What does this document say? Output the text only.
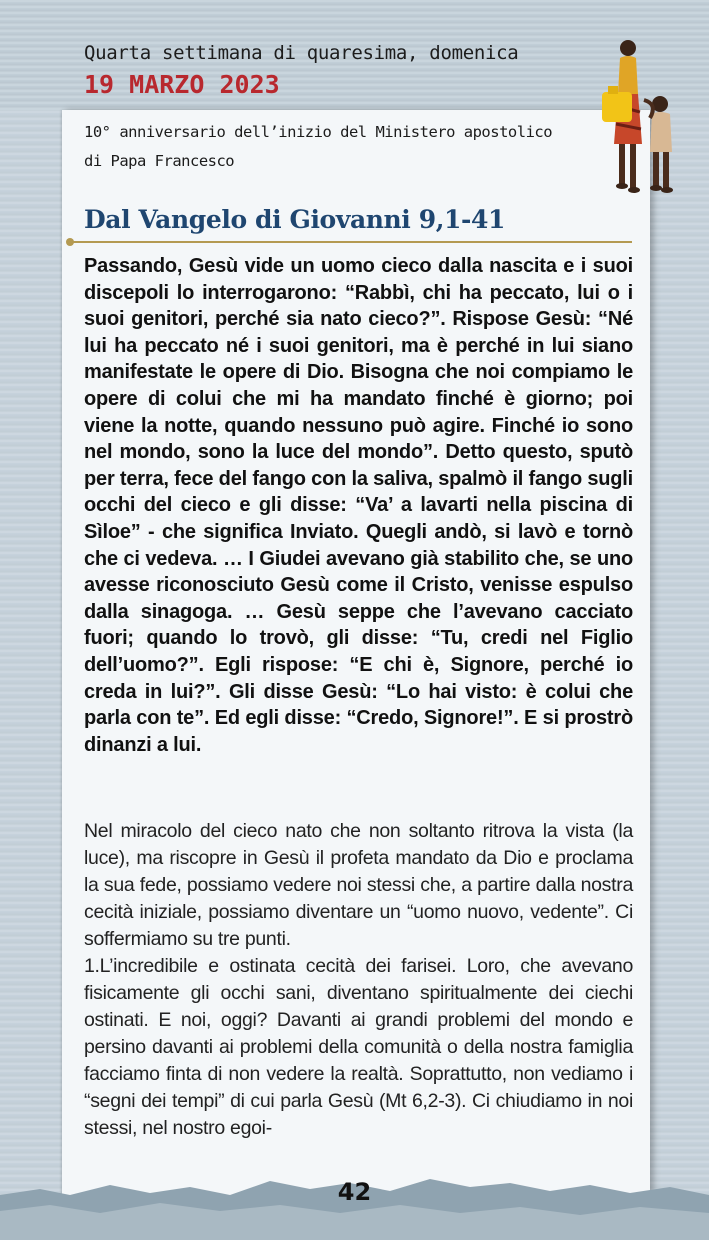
Quarta settimana di quaresima, domenica
19 MARZO 2023
10° anniversario dell’inizio del Ministero apostolico di Papa Francesco
Dal Vangelo di Giovanni 9,1-41

Passando, Gesù vide un uomo cieco dalla nascita e i suoi discepoli lo interrogarono: “Rabbì, chi ha peccato, lui o i suoi genitori, perché sia nato cieco?”. Rispose Gesù: “Né lui ha peccato né i suoi genitori, ma è perché in lui siano manifestate le opere di Dio. Bisogna che noi compiamo le opere di colui che mi ha mandato finché è giorno; poi viene la notte, quando nessuno può agire. Finché io sono nel mondo, sono la luce del mondo”. Detto questo, sputò per terra, fece del fango con la saliva, spalmò il fango sugli occhi del cieco e gli disse: “Va’ a lavarti nella piscina di Sìloe” - che significa Inviato. Quegli andò, si lavò e tornò che ci vedeva. … I Giudei avevano già stabilito che, se uno avesse riconosciuto Gesù come il Cristo, venisse espulso dalla sinagoga. … Gesù seppe che l’avevano cacciato fuori; quando lo trovò, gli disse: “Tu, credi nel Figlio dell’uomo?”. Egli rispose: “E chi è, Signore, perché io creda in lui?”. Gli disse Gesù: “Lo hai visto: è colui che parla con te”. Ed egli disse: “Credo, Signore!”. E si prostrò dinanzi a lui.

Nel miracolo del cieco nato che non soltanto ritrova la vista (la luce), ma riscopre in Gesù il profeta mandato da Dio e proclama la sua fede, possiamo vedere noi stessi che, a partire dalla nostra cecità iniziale, possiamo diventare un “uomo nuovo, vedente”. Ci soffermiamo su tre punti.

1.L’incredibile e ostinata cecità dei farisei. Loro, che avevano fisicamente gli occhi sani, diventano spiritualmente dei ciechi ostinati. E noi, oggi? Davanti ai grandi problemi del mondo e persino davanti ai problemi della comunità o della nostra famiglia facciamo finta di non vedere la realtà. Soprattutto, non vediamo i “segni dei tempi” di cui parla Gesù (Mt 6,2-3). Ci chiudiamo in noi stessi, nel nostro egoi-

42
